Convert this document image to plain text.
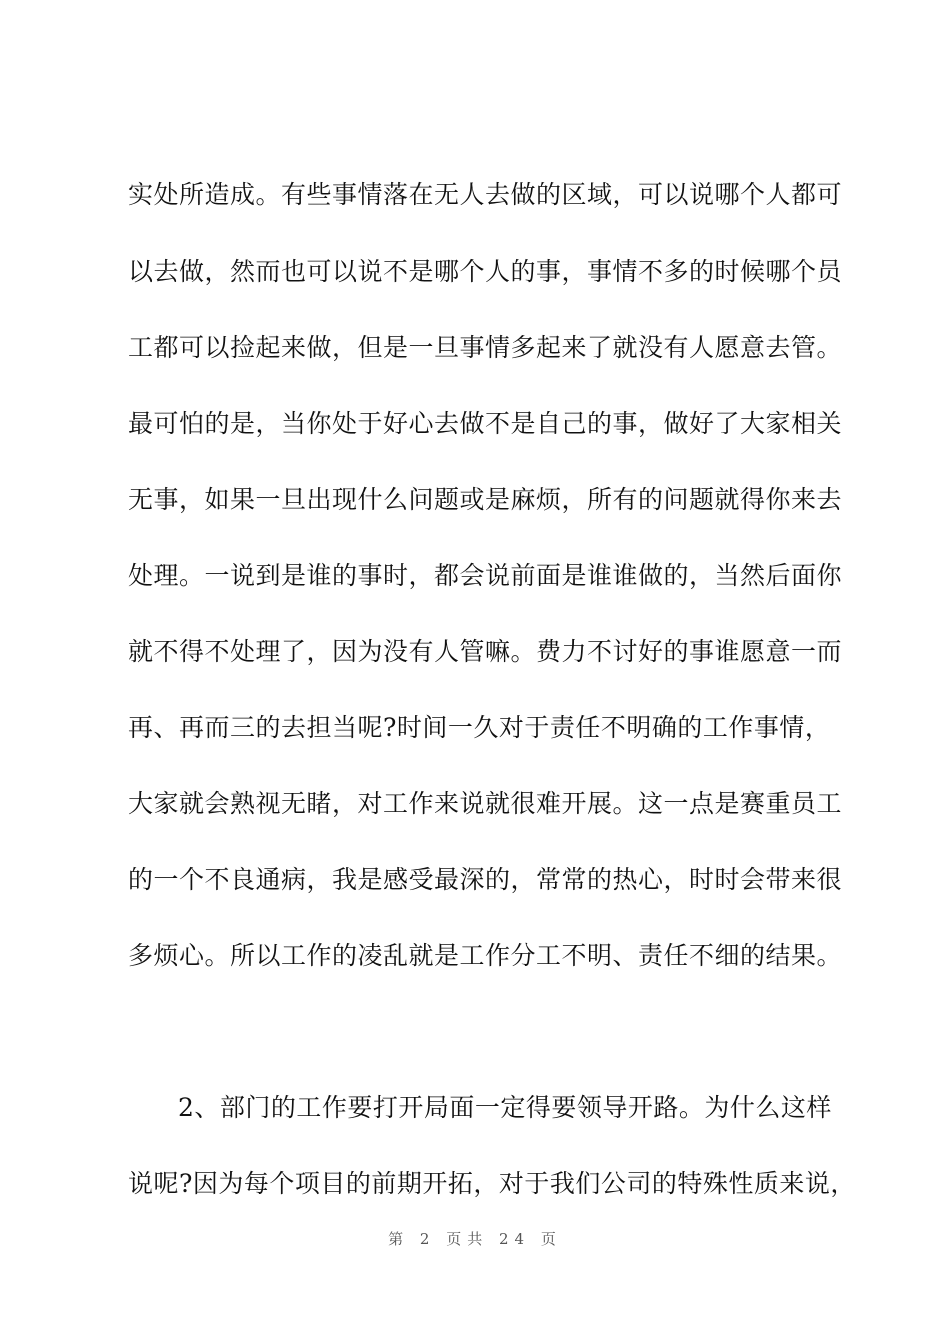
实处所造成。有些事情落在无人去做的区域，可以说哪个人都可
以去做，然而也可以说不是哪个人的事，事情不多的时候哪个员
工都可以捡起来做，但是一旦事情多起来了就没有人愿意去管。
最可怕的是，当你处于好心去做不是自己的事，做好了大家相关
无事，如果一旦出现什么问题或是麻烦，所有的问题就得你来去
处理。一说到是谁的事时，都会说前面是谁谁做的，当然后面你
就不得不处理了，因为没有人管嘛。费力不讨好的事谁愿意一而
再、再而三的去担当呢?时间一久对于责任不明确的工作事情，
大家就会熟视无睹，对工作来说就很难开展。这一点是赛重员工
的一个不良通病，我是感受最深的，常常的热心，时时会带来很
多烦心。所以工作的凌乱就是工作分工不明、责任不细的结果。
2、部门的工作要打开局面一定得要领导开路。为什么这样
说呢?因为每个项目的前期开拓，对于我们公司的特殊性质来说，
第 2 页共 24 页
